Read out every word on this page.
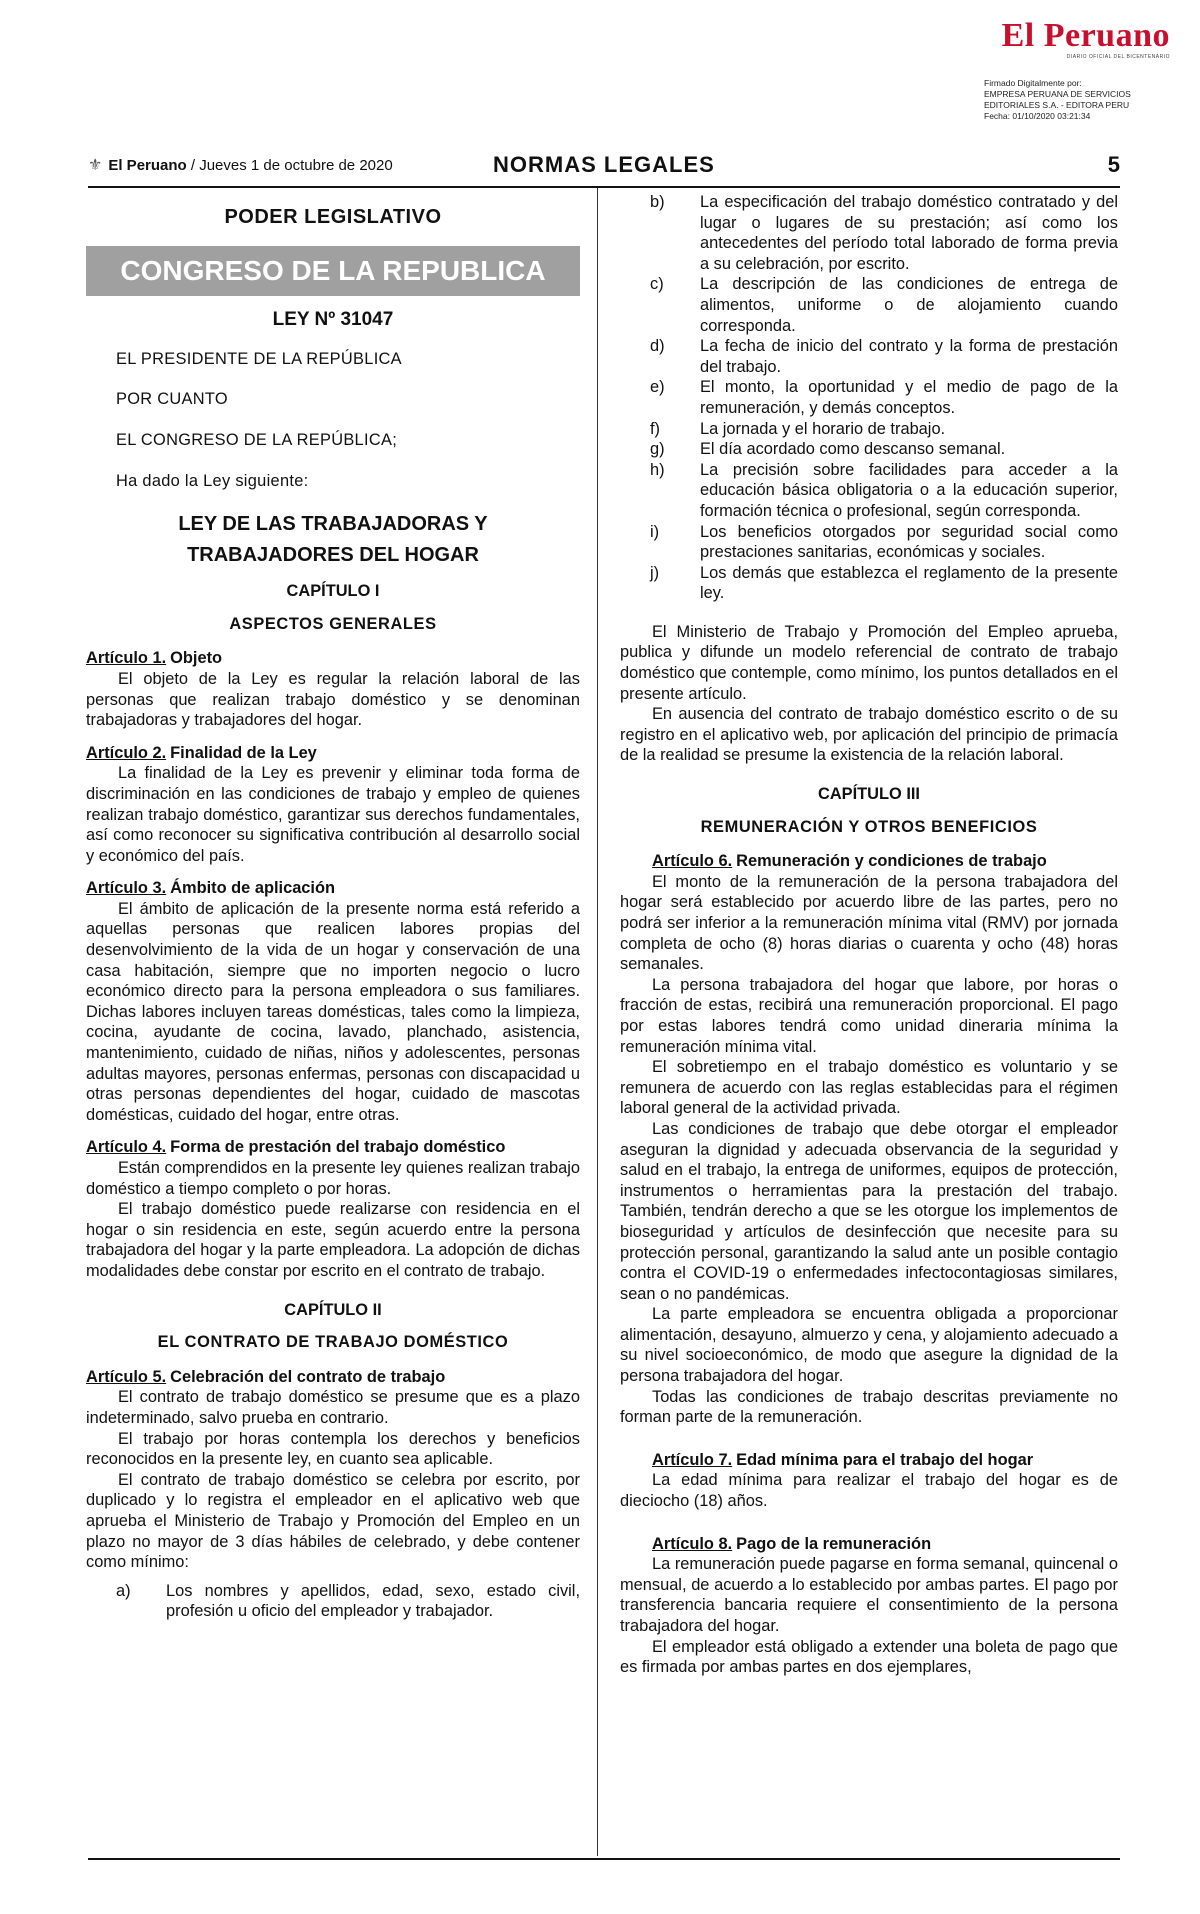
El Peruano
DIARIO OFICIAL DEL BICENTENARIO
Firmado Digitalmente por:
EMPRESA PERUANA DE SERVICIOS
EDITORIALES S.A. - EDITORA PERU
Fecha: 01/10/2020 03:21:34
⚜ El Peruano
/ Jueves 1 de octubre de 2020	NORMAS LEGALES	5
PODER LEGISLATIVO
CONGRESO DE LA REPUBLICA
LEY Nº 31047

EL PRESIDENTE DE LA REPÚBLICA

POR CUANTO

EL CONGRESO DE LA REPÚBLICA;

Ha dado la Ley siguiente:

LEY DE LAS TRABAJADORAS Y
TRABAJADORES DEL HOGAR
CAPÍTULO I
ASPECTOS GENERALES
Artículo 1. Objeto

El objeto de la Ley es regular la relación laboral de las personas que realizan trabajo doméstico y se denominan trabajadoras y trabajadores del hogar.

Artículo 2. Finalidad de la Ley

La finalidad de la Ley es prevenir y eliminar toda forma de discriminación en las condiciones de trabajo y empleo de quienes realizan trabajo doméstico, garantizar sus derechos fundamentales, así como reconocer su significativa contribución al desarrollo social y económico del país.

Artículo 3. Ámbito de aplicación

El ámbito de aplicación de la presente norma está referido a aquellas personas que realicen labores propias del desenvolvimiento de la vida de un hogar y conservación de una casa habitación, siempre que no importen negocio o lucro económico directo para la persona empleadora o sus familiares. Dichas labores incluyen tareas domésticas, tales como la limpieza, cocina, ayudante de cocina, lavado, planchado, asistencia, mantenimiento, cuidado de niñas, niños y adolescentes, personas adultas mayores, personas enfermas, personas con discapacidad u otras personas dependientes del hogar, cuidado de mascotas domésticas, cuidado del hogar, entre otras.

Artículo 4. Forma de prestación del trabajo doméstico

Están comprendidos en la presente ley quienes realizan trabajo doméstico a tiempo completo o por horas.

El trabajo doméstico puede realizarse con residencia en el hogar o sin residencia en este, según acuerdo entre la persona trabajadora del hogar y la parte empleadora. La adopción de dichas modalidades debe constar por escrito en el contrato de trabajo.

CAPÍTULO II
EL CONTRATO DE TRABAJO DOMÉSTICO
Artículo 5. Celebración del contrato de trabajo

El contrato de trabajo doméstico se presume que es a plazo indeterminado, salvo prueba en contrario.

El trabajo por horas contempla los derechos y beneficios reconocidos en la presente ley, en cuanto sea aplicable.

El contrato de trabajo doméstico se celebra por escrito, por duplicado y lo registra el empleador en el aplicativo web que aprueba el Ministerio de Trabajo y Promoción del Empleo en un plazo no mayor de 3 días hábiles de celebrado, y debe contener como mínimo:

a)	Los nombres y apellidos, edad, sexo, estado civil, profesión u oficio del empleador y trabajador.
b)	La especificación del trabajo doméstico contratado y del lugar o lugares de su prestación; así como los antecedentes del período total laborado de forma previa a su celebración, por escrito.
c)	La descripción de las condiciones de entrega de alimentos, uniforme o de alojamiento cuando corresponda.
d)	La fecha de inicio del contrato y la forma de prestación del trabajo.
e)	El monto, la oportunidad y el medio de pago de la remuneración, y demás conceptos.
f)	La jornada y el horario de trabajo.
g)	El día acordado como descanso semanal.
h)	La precisión sobre facilidades para acceder a la educación básica obligatoria o a la educación superior, formación técnica o profesional, según corresponda.
i)	Los beneficios otorgados por seguridad social como prestaciones sanitarias, económicas y sociales.
j)	Los demás que establezca el reglamento de la presente ley.

El Ministerio de Trabajo y Promoción del Empleo aprueba, publica y difunde un modelo referencial de contrato de trabajo doméstico que contemple, como mínimo, los puntos detallados en el presente artículo.

En ausencia del contrato de trabajo doméstico escrito o de su registro en el aplicativo web, por aplicación del principio de primacía de la realidad se presume la existencia de la relación laboral.

CAPÍTULO III
REMUNERACIÓN Y OTROS BENEFICIOS
Artículo 6. Remuneración y condiciones de trabajo

El monto de la remuneración de la persona trabajadora del hogar será establecido por acuerdo libre de las partes, pero no podrá ser inferior a la remuneración mínima vital (RMV) por jornada completa de ocho (8) horas diarias o cuarenta y ocho (48) horas semanales.

La persona trabajadora del hogar que labore, por horas o fracción de estas, recibirá una remuneración proporcional. El pago por estas labores tendrá como unidad dineraria mínima la remuneración mínima vital.

El sobretiempo en el trabajo doméstico es voluntario y se remunera de acuerdo con las reglas establecidas para el régimen laboral general de la actividad privada.

Las condiciones de trabajo que debe otorgar el empleador aseguran la dignidad y adecuada observancia de la seguridad y salud en el trabajo, la entrega de uniformes, equipos de protección, instrumentos o herramientas para la prestación del trabajo. También, tendrán derecho a que se les otorgue los implementos de bioseguridad y artículos de desinfección que necesite para su protección personal, garantizando la salud ante un posible contagio contra el COVID-19 o enfermedades infectocontagiosas similares, sean o no pandémicas.

La parte empleadora se encuentra obligada a proporcionar alimentación, desayuno, almuerzo y cena, y alojamiento adecuado a su nivel socioeconómico, de modo que asegure la dignidad de la persona trabajadora del hogar.

Todas las condiciones de trabajo descritas previamente no forman parte de la remuneración.

Artículo 7. Edad mínima para el trabajo del hogar

La edad mínima para realizar el trabajo del hogar es de dieciocho (18) años.

Artículo 8. Pago de la remuneración

La remuneración puede pagarse en forma semanal, quincenal o mensual, de acuerdo a lo establecido por ambas partes. El pago por transferencia bancaria requiere el consentimiento de la persona trabajadora del hogar.

El empleador está obligado a extender una boleta de pago que es firmada por ambas partes en dos ejemplares,
